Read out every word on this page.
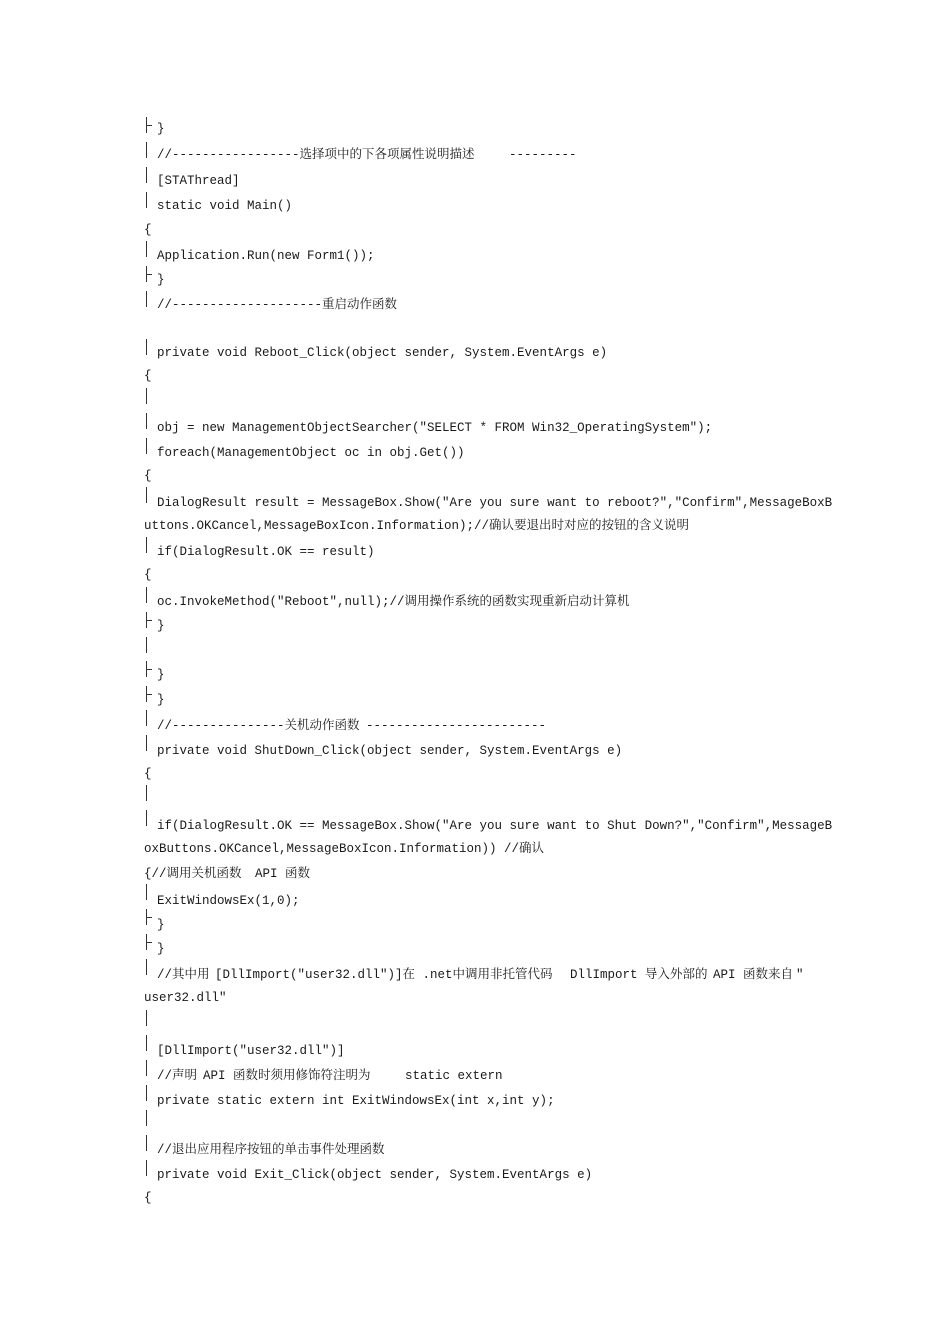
}
//-----------------选择项中的下各项属性说明描述	---------
[STAThread]
static void Main()
{
Application.Run(new Form1());
}
//--------------------重启动作函数
private void Reboot_Click(object sender, System.EventArgs e)
{
obj = new ManagementObjectSearcher("SELECT * FROM Win32_OperatingSystem");
foreach(ManagementObject oc in obj.Get())
{
DialogResult result = MessageBox.Show("Are you sure want to reboot?","Confirm",MessageBoxB
uttons.OKCancel,MessageBoxIcon.Information);//确认要退出时对应的按钮的含义说明
if(DialogResult.OK == result)
{
oc.InvokeMethod("Reboot",null);//调用操作系统的函数实现重新启动计算机
}
}
}
//---------------关机动作函数 ------------------------
private void ShutDown_Click(object sender, System.EventArgs e)
{
if(DialogResult.OK == MessageBox.Show("Are you sure want to Shut Down?","Confirm",MessageB
oxButtons.OKCancel,MessageBoxIcon.Information)) //确认
{//调用关机函数 API 函数
ExitWindowsEx(1,0);
}
}
//其中用 [DllImport("user32.dll")]在 .net中调用非托管代码 DllImport 导入外部的 API 函数来自 "
user32.dll"
[DllImport("user32.dll")]
//声明 API 函数时须用修饰符注明为	static extern
private static extern int ExitWindowsEx(int x,int y);
//退出应用程序按钮的单击事件处理函数
private void Exit_Click(object sender, System.EventArgs e)
{
